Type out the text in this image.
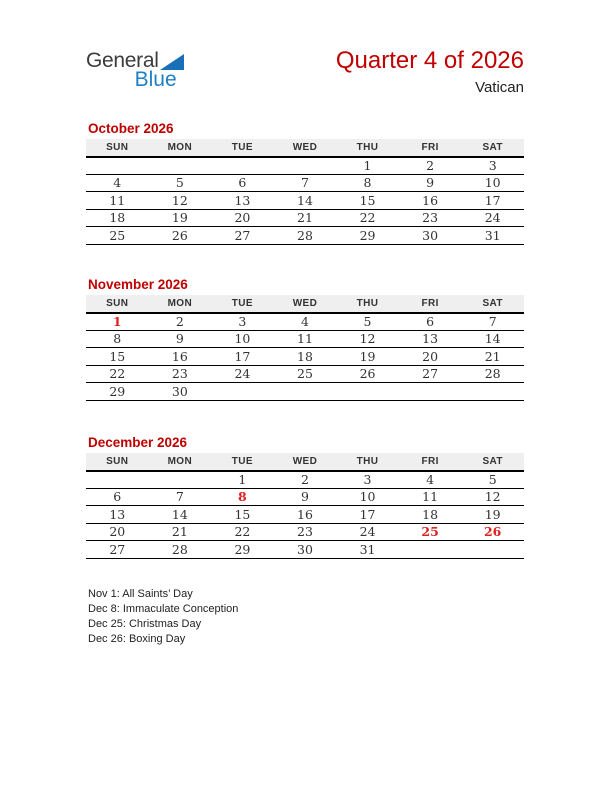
General
Blue
Quarter 4 of 2026
Vatican
October 2026
SUN	MON	TUE	WED	THU	FRI	SAT
				1	2	3
4	5	6	7	8	9	10
11	12	13	14	15	16	17
18	19	20	21	22	23	24
25	26	27	28	29	30	31
November 2026
SUN	MON	TUE	WED	THU	FRI	SAT
1	2	3	4	5	6	7
8	9	10	11	12	13	14
15	16	17	18	19	20	21
22	23	24	25	26	27	28
29	30					
December 2026
SUN	MON	TUE	WED	THU	FRI	SAT
		1	2	3	4	5
6	7	8	9	10	11	12
13	14	15	16	17	18	19
20	21	22	23	24	25	26
27	28	29	30	31		
Nov 1: All Saints’ Day
Dec 8: Immaculate Conception
Dec 25: Christmas Day
Dec 26: Boxing Day
